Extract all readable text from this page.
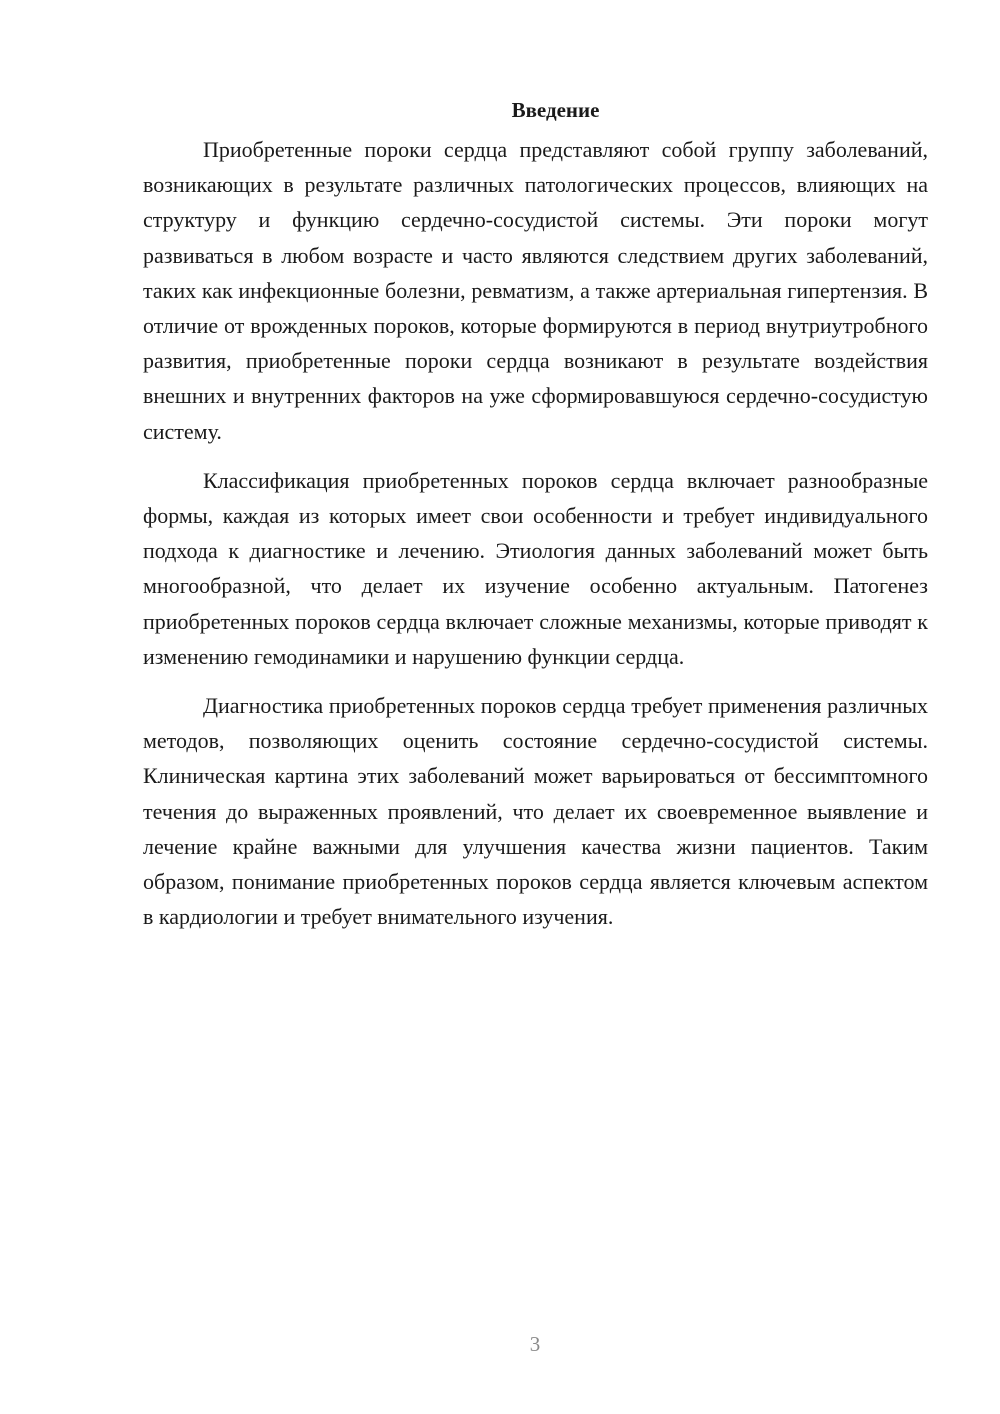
Введение

Приобретенные пороки сердца представляют собой группу заболеваний, возникающих в результате различных патологических процессов, влияющих на структуру и функцию сердечно-сосудистой системы. Эти пороки могут развиваться в любом возрасте и часто являются следствием других заболеваний, таких как инфекционные болезни, ревматизм, а также артериальная гипертензия. В отличие от врожденных пороков, которые формируются в период внутриутробного развития, приобретенные пороки сердца возникают в результате воздействия внешних и внутренних факторов на уже сформировавшуюся сердечно-сосудистую систему.

Классификация приобретенных пороков сердца включает разнообразные формы, каждая из которых имеет свои особенности и требует индивидуального подхода к диагностике и лечению. Этиология данных заболеваний может быть многообразной, что делает их изучение особенно актуальным. Патогенез приобретенных пороков сердца включает сложные механизмы, которые приводят к изменению гемодинамики и нарушению функции сердца.

Диагностика приобретенных пороков сердца требует применения различных методов, позволяющих оценить состояние сердечно-сосудистой системы. Клиническая картина этих заболеваний может варьироваться от бессимптомного течения до выраженных проявлений, что делает их своевременное выявление и лечение крайне важными для улучшения качества жизни пациентов. Таким образом, понимание приобретенных пороков сердца является ключевым аспектом в кардиологии и требует внимательного изучения.

3
